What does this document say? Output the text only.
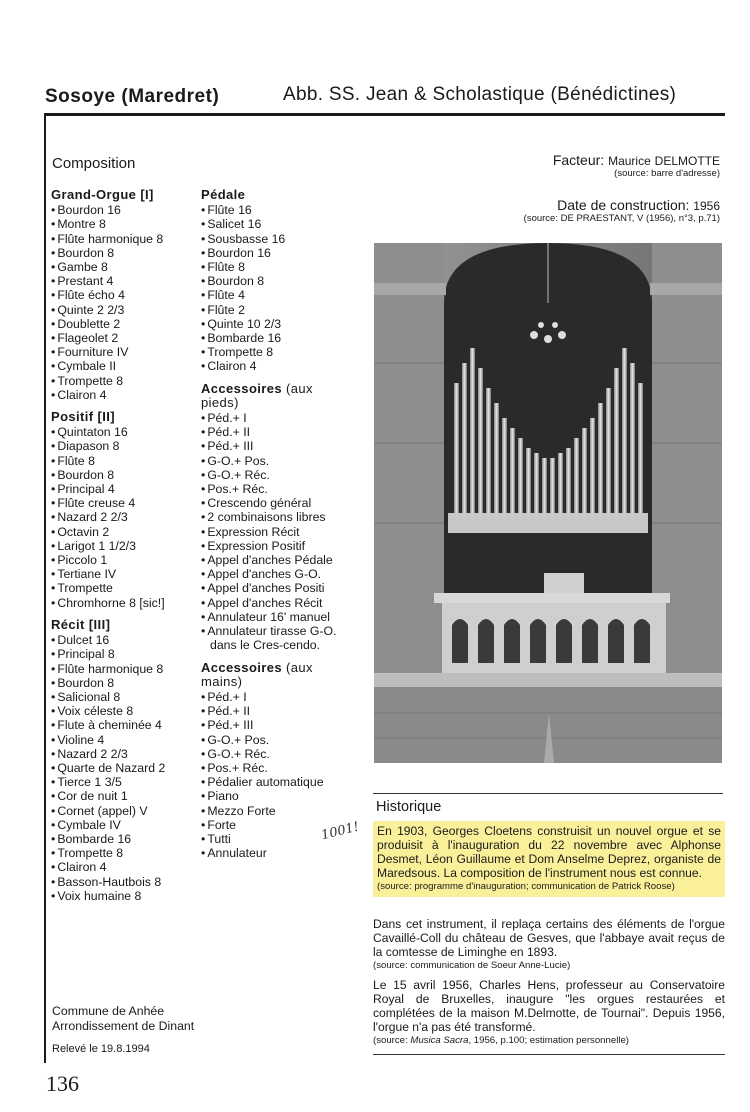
Sosoye (Maredret)	Abb. SS. Jean & Scholastique (Bénédictines)
Composition
Grand-Orgue [I]
• Bourdon 16
• Montre 8
• Flûte harmonique 8
• Bourdon 8
• Gambe 8
• Prestant 4
• Flûte écho 4
• Quinte 2 2/3
• Doublette 2
• Flageolet 2
• Fourniture IV
• Cymbale II
• Trompette 8
• Clairon 4
Positif [II]
• Quintaton 16
• Diapason 8
• Flûte 8
• Bourdon 8
• Principal 4
• Flûte creuse 4
• Nazard 2 2/3
• Octavin 2
• Larigot 1 1/2/3
• Piccolo 1
• Tertiane IV
• Trompette
• Chromhorne 8 [sic!]
Récit [III]
• Dulcet 16
• Principal 8
• Flûte harmonique 8
• Bourdon 8
• Salicional 8
• Voix céleste 8
• Flute à cheminée 4
• Violine 4
• Nazard 2 2/3
• Quarte de Nazard 2
• Tierce 1 3/5
• Cor de nuit 1
• Cornet (appel) V
• Cymbale IV
• Bombarde 16
• Trompette 8
• Clairon 4
• Basson-Hautbois 8
• Voix humaine 8
Pédale
• Flûte 16
• Salicet 16
• Sousbasse 16
• Bourdon 16
• Flûte 8
• Bourdon 8
• Flûte 4
• Flûte 2
• Quinte 10 2/3
• Bombarde 16
• Trompette 8
• Clairon 4
Accessoires (aux pieds)
• Péd.+ I
• Péd.+ II
• Péd.+ III
• G-O.+ Pos.
• G-O.+ Réc.
• Pos.+ Réc.
• Crescendo général
• 2 combinaisons libres
• Expression Récit
• Expression Positif
• Appel d'anches Pédale
• Appel d'anches G-O.
• Appel d'anches Positi
• Appel d'anches Récit
• Annulateur 16' manuel
• Annulateur tirasse G-O. dans le Cres-cendo.
Accessoires (aux mains)
• Péd.+ I
• Péd.+ II
• Péd.+ III
• G-O.+ Pos.
• G-O.+ Réc.
• Pos.+ Réc.
• Pédalier automatique
• Piano
• Mezzo Forte
• Forte
• Tutti
• Annulateur
Facteur: Maurice DELMOTTE
(source: barre d'adresse)
Date de construction: 1956
(source: DE PRAESTANT, V (1956), n°3, p.71)
Historique
En 1903, Georges Cloetens construisit un nouvel orgue et se produisit à l'inauguration du 22 novembre avec Alphonse Desmet, Léon Guillaume et Dom Anselme Deprez, organiste de Maredsous. La composition de l'instrument nous est connue.
(source: programme d'inauguration; communication de Patrick Roose)
Dans cet instrument, il replaça certains des éléments de l'orgue Cavaillé-Coll du château de Gesves, que l'abbaye avait reçus de la comtesse de Liminghe en 1893.
(source: communication de Soeur Anne-Lucie)
Le 15 avril 1956, Charles Hens, professeur au Conservatoire Royal de Bruxelles, inaugure "les orgues restaurées et complétées de la maison M.Delmotte, de Tournai". Depuis 1956, l'orgue n'a pas été transformé.
(source: Musica Sacra, 1956, p.100; estimation personnelle)
1001!
Commune de Anhée
Arrondissement de Dinant
Relevé le 19.8.1994
136
